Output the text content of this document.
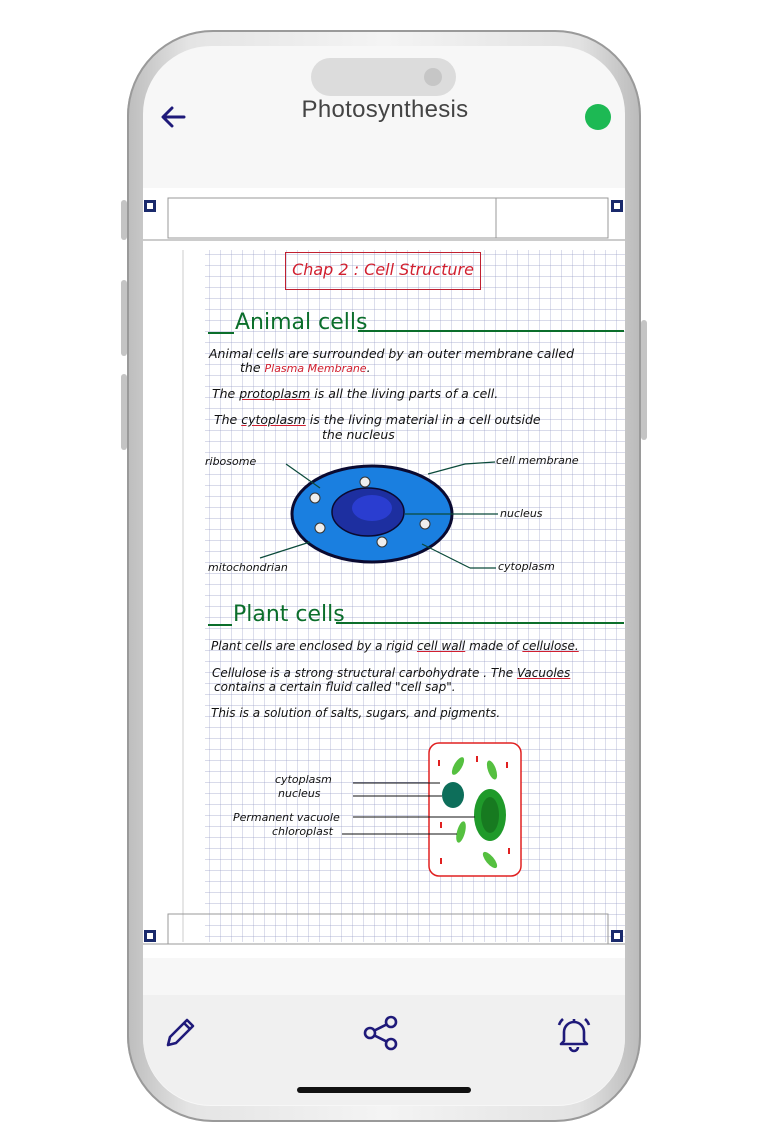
Photosynthesis
Chap 2 : Cell Structure
Animal cells
Animal cells are surrounded by an outer membrane called
the Plasma Membrane.
The protoplasm is all the living parts of a cell.
The cytoplasm is the living material in a cell outside
the nucleus
ribosome	cell membrane
nucleus
mitochondrian	cytoplasm
Plant cells
Plant cells are enclosed by a rigid cell wall made of cellulose.
Cellulose is a strong structural carbohydrate . The Vacuoles
contains a certain fluid called "cell sap".
This is a solution of salts, sugars, and pigments.
cytoplasm
nucleus
Permanent vacuole
chloroplast
